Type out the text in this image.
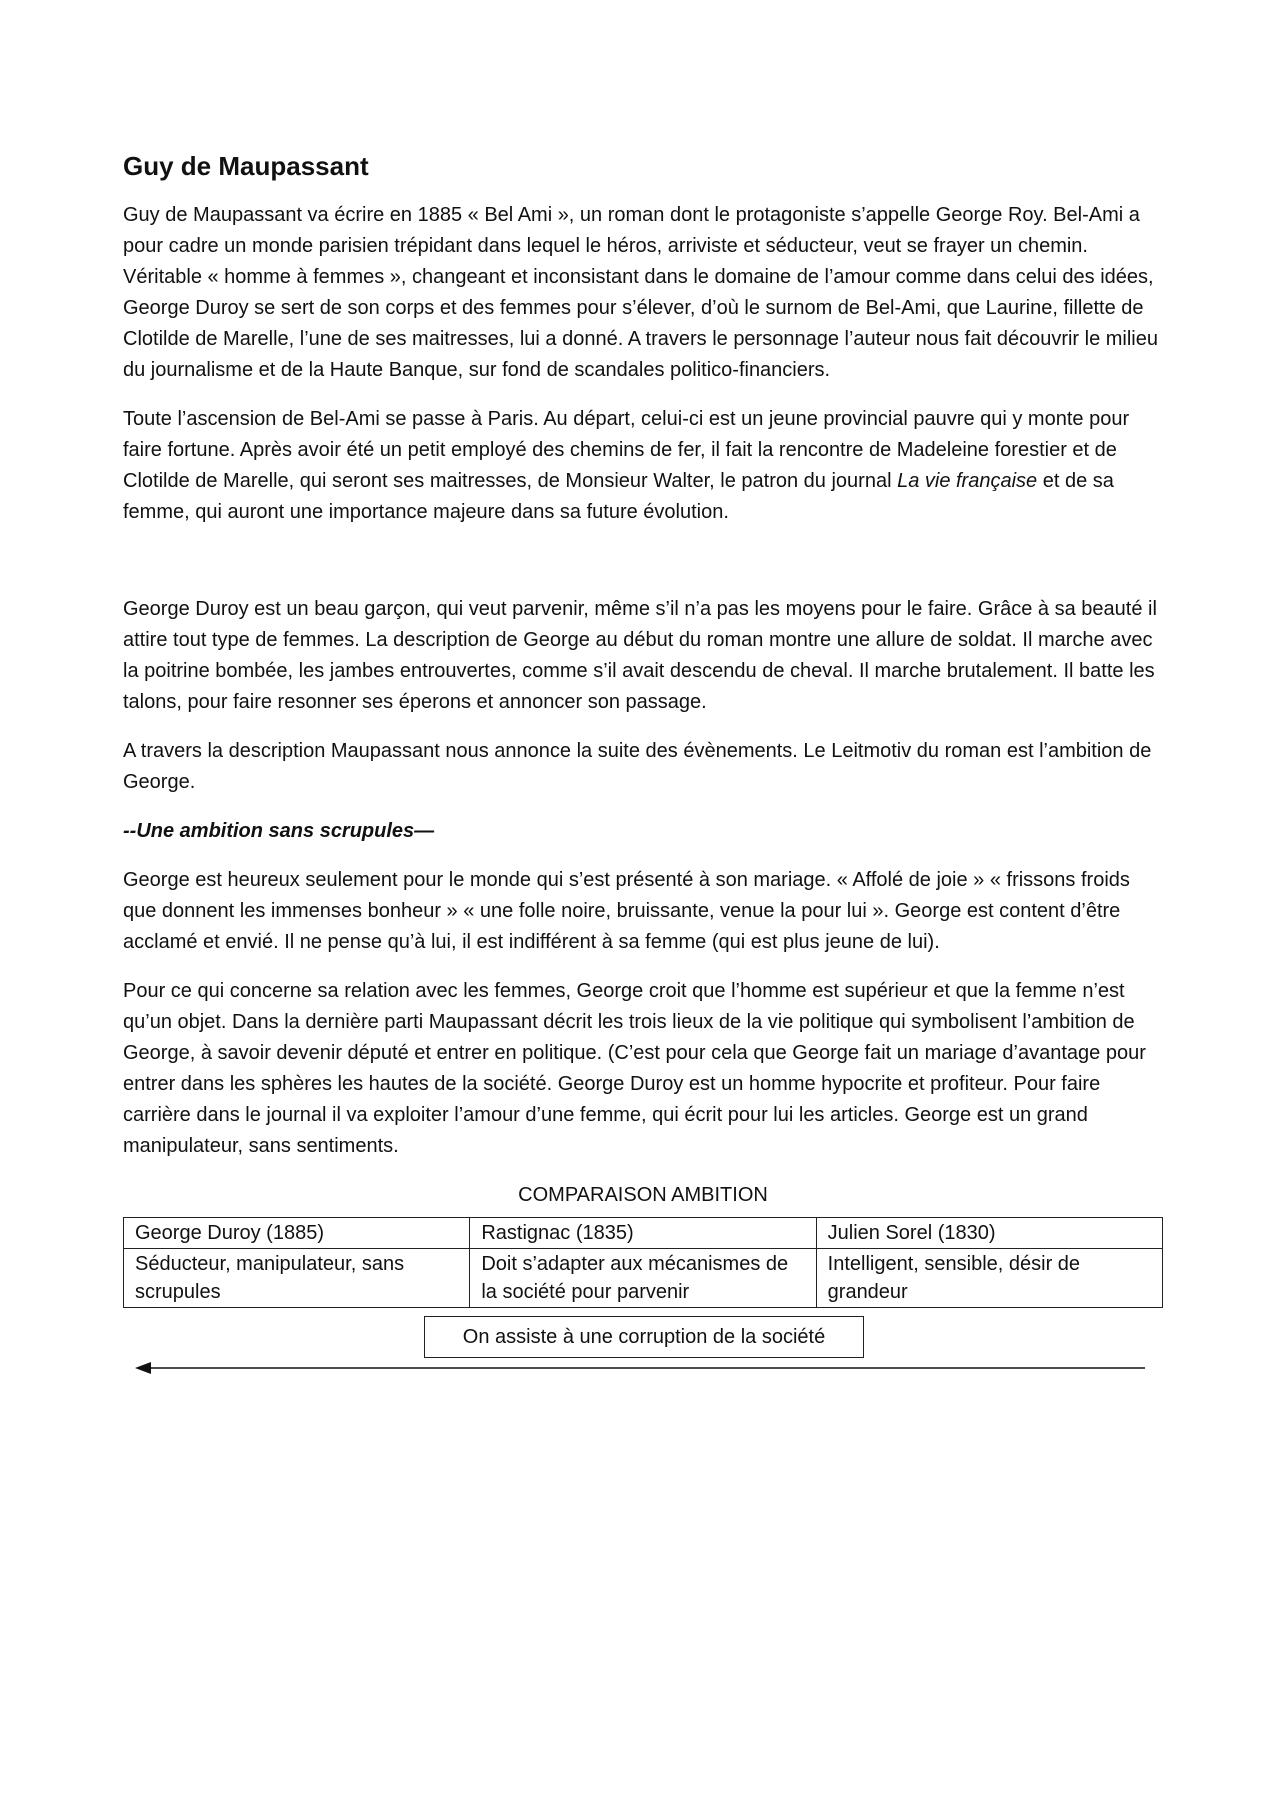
Guy de Maupassant

Guy de Maupassant va écrire en 1885 « Bel Ami », un roman dont le protagoniste s’appelle George Roy. Bel-Ami a pour cadre un monde parisien trépidant dans lequel le héros, arriviste et séducteur, veut se frayer un chemin. Véritable « homme à femmes », changeant et inconsistant dans le domaine de l’amour comme dans celui des idées, George Duroy se sert de son corps et des femmes pour s’élever, d’où le surnom de Bel-Ami, que Laurine, fillette de Clotilde de Marelle, l’une de ses maitresses, lui a donné. A travers le personnage l’auteur nous fait découvrir le milieu du journalisme et de la Haute Banque, sur fond de scandales politico-financiers.

Toute l’ascension de Bel-Ami se passe à Paris. Au départ, celui-ci est un jeune provincial pauvre qui y monte pour faire fortune. Après avoir été un petit employé des chemins de fer, il fait la rencontre de Madeleine forestier et de Clotilde de Marelle, qui seront ses maitresses, de Monsieur Walter, le patron du journal La vie française et de sa femme, qui auront une importance majeure dans sa future évolution.

George Duroy est un beau garçon, qui veut parvenir, même s’il n’a pas les moyens pour le faire. Grâce à sa beauté il attire tout type de femmes. La description de George au début du roman montre une allure de soldat. Il marche avec la poitrine bombée, les jambes entrouvertes, comme s’il avait descendu de cheval. Il marche brutalement. Il batte les talons, pour faire resonner ses éperons et annoncer son passage.

A travers la description Maupassant nous annonce la suite des évènements. Le Leitmotiv du roman est l’ambition de George.

--Une ambition sans scrupules—

George est heureux seulement pour le monde qui s’est présenté à son mariage. « Affolé de joie » « frissons froids que donnent les immenses bonheur » « une folle noire, bruissante, venue la pour lui ». George est content d’être acclamé et envié. Il ne pense qu’à lui, il est indifférent à sa femme (qui est plus jeune de lui).

Pour ce qui concerne sa relation avec les femmes, George croit que l’homme est supérieur et que la femme n’est qu’un objet. Dans la dernière parti Maupassant décrit les trois lieux de la vie politique qui symbolisent l’ambition de George, à savoir devenir député et entrer en politique. (C’est pour cela que George fait un mariage d’avantage pour entrer dans les sphères les hautes de la société. George Duroy est un homme hypocrite et profiteur. Pour faire carrière dans le journal il va exploiter l’amour d’une femme, qui écrit pour lui les articles. George est un grand manipulateur, sans sentiments.

COMPARAISON AMBITION
George Duroy (1885)	Rastignac (1835)	Julien Sorel (1830)
Séducteur, manipulateur, sans scrupules	Doit s’adapter aux mécanismes de la société pour parvenir	Intelligent, sensible, désir de grandeur
On assiste à une corruption de la société
